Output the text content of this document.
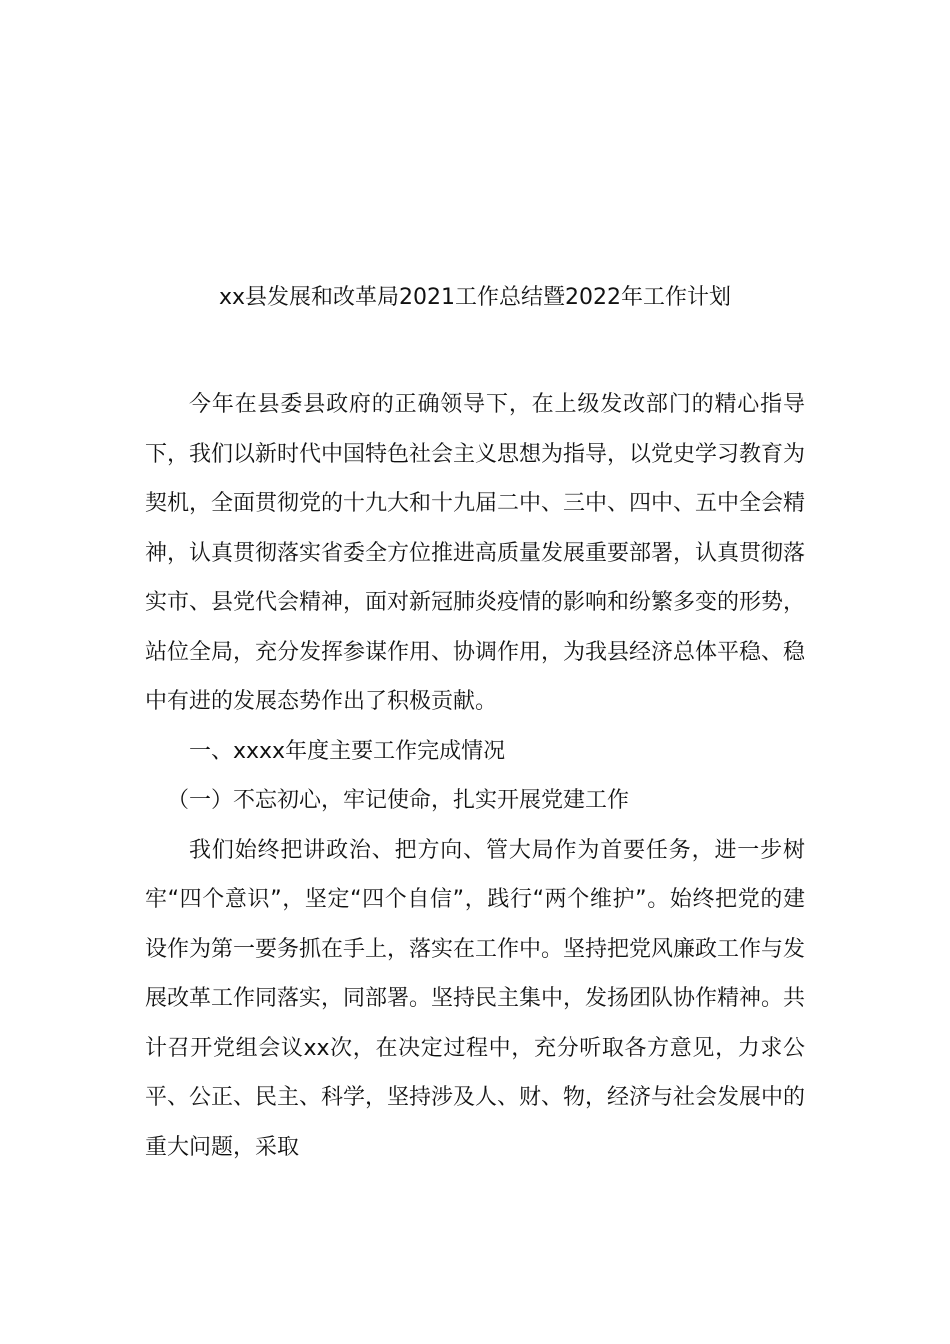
xx县发展和改革局2021工作总结暨2022年工作计划

今年在县委县政府的正确领导下，在上级发改部门的精心指导下，我们以新时代中国特色社会主义思想为指导，以党史学习教育为契机，全面贯彻党的十九大和十九届二中、三中、四中、五中全会精神，认真贯彻落实省委全方位推进高质量发展重要部署，认真贯彻落实市、县党代会精神，面对新冠肺炎疫情的影响和纷繁多变的形势，站位全局，充分发挥参谋作用、协调作用，为我县经济总体平稳、稳中有进的发展态势作出了积极贡献。

一、xxxx年度主要工作完成情况

（一）不忘初心，牢记使命，扎实开展党建工作

我们始终把讲政治、把方向、管大局作为首要任务，进一步树牢“四个意识”，坚定“四个自信”，践行“两个维护”。始终把党的建设作为第一要务抓在手上，落实在工作中。坚持把党风廉政工作与发展改革工作同落实，同部署。坚持民主集中，发扬团队协作精神。共计召开党组会议xx次，在决定过程中，充分听取各方意见，力求公平、公正、民主、科学，坚持涉及人、财、物，经济与社会发展中的重大问题，采取
